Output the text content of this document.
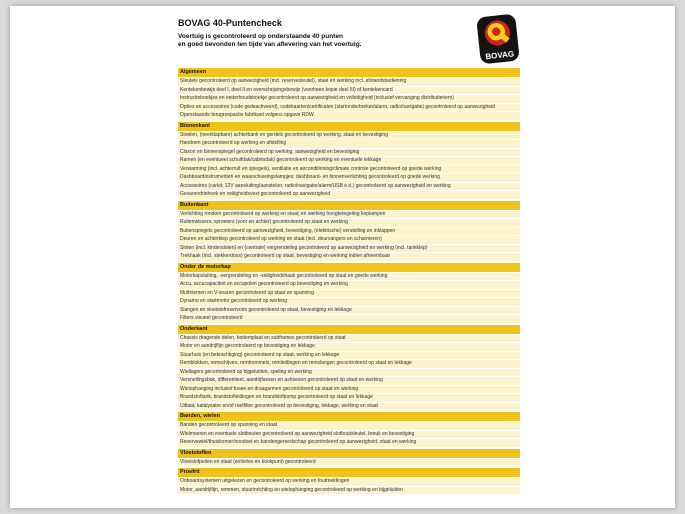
BOVAG 40-Puntencheck
Voertuig is gecontroleerd op onderstaande 40 punten
en goed bevonden ten tijde van aflevering van het voertuig.
BOVAG
Algemeen
Sleutels gecontroleerd op aanwezigheid (incl. reservesleutel), staat en werking incl. afstandsbediening
Kentekenbewijs deel I, deel II en overschrijvingsbewijs (voorheen kopie deel III) of kentekencard
Instructieboekjes en onderhoudsboekje gecontroleerd op aanwezigheid en volledigheid (inclusief vervanging distributieriem)
Opties en accessoires (code gedeactiveerd), codekaarten/certificaten (startonderbreker/alarm, radio/navigatie) gecontroleerd op aanwezigheid
Openstaande terugroepactie fabrikant volgens opgave RDW
Binnenkant
Stoelen, (neerklapbare) achterbank en gordels gecontroleerd op werking, staat en bevestiging
Handrem gecontroleerd op werking en afstelling
Claxon en binnenspiegel gecontroleerd op werking, aanwezigheid en bevestiging
Ramen (en eventueel schuifdak/cabriodak) gecontroleerd op werking en eventuele lekkage
Verwarming (incl. achterruit en spiegels), ventilatie en airconditioning/climate controle gecontroleerd op goede werking
Dashboardinstrumenten en waarschuwingslampjes; dashboard- en binnenverlichting gecontroleerd op goede werking
Accessoires (carkit, 12V aansluiting/aansteker, radio/navigatie/alarm/USB e.d.) gecontroleerd op aanwezigheid en werking
Gevarendriehoek en veiligheidsvest gecontroleerd op aanwezigheid
Buitenkant
Verlichting rondom gecontroleerd op werking en staat; en werking hoogteregeling koplampen
Ruitenwissers, sproeiers (voor en achter) gecontroleerd op staat en werking
Buitenspiegels gecontroleerd op aanwezigheid, bevestiging, (elektrische) verstelling en inklappen
Deuren en achterklep gecontroleerd op werking en staat (incl. deurvangers en scharnieren)
Sloten (incl. kindersloten) en (centrale) vergrendeling gecontroleerd op aanwezigheid en werking (incl. tankklep)
Trekhaak (incl. stekkerdoos) gecontroleerd op staat, bevestiging en werking indien afneembaar
Onder de motorkap
Motorkapsluiting, -vergrendeling en -veiligheidshaak gecontroleerd op staat en goede werking
Accu, accucapaciteit en accupolen gecontroleerd op bevestiging en werking
Multiriemen en V-snaren gecontroleerd op staat en spanning
Dynamo en startmotor gecontroleerd op werking
Slangen en vloeistofreservoirs gecontroleerd op staat, bevestiging en lekkage
Filters visueel gecontroleerd
Onderkant
Chassis dragende delen, bodemplaat en subframes gecontroleerd op staat
Motor en aandrijflijn gecontroleerd op bevestiging en lekkage
Stuurhuis (en bekrachtiging) gecontroleerd op staat, werking en lekkage
Remblokken, remschijven, remtrommels, remleidingen en remslangen gecontroleerd op staat en lekkage
Wiellagers gecontroleerd op bijgeluiden, speling en werking
Versnellingsbak, differentieel, aandrijfassen en ashoezen gecontroleerd op staat en werking
Wielophanging inclusief fusee en draagarmen gecontroleerd op staat en werking
Brandstoftank, brandstofleidingen en brandstofpomp gecontroleerd op staat en lekkage
Uitlaat, katalysator en/of roetfilter gecontroleerd op bevestiging, lekkage, werking en staat
Banden, wielen
Banden gecontroleerd op spanning en staat
Wielmoeren en eventuele slotbouten gecontroleerd op aanwezigheid slotboutsleutel, breuk en bevestiging
Reservewiel/thuiskomer/noodset en bandengereedschap gecontroleerd op aanwezigheid, staat en werking
Vloeistoffen
Vloeistofpeilen en staat (antivries en kookpunt) gecontroleerd
Proefrit
Onboardsystemen uitgelezen en gecontroleerd op werking en foutmeldingen
Motor, aandrijflijn, remmen, stuurinrichting en wielophanging gecontroleerd op werking en bijgeluiden
